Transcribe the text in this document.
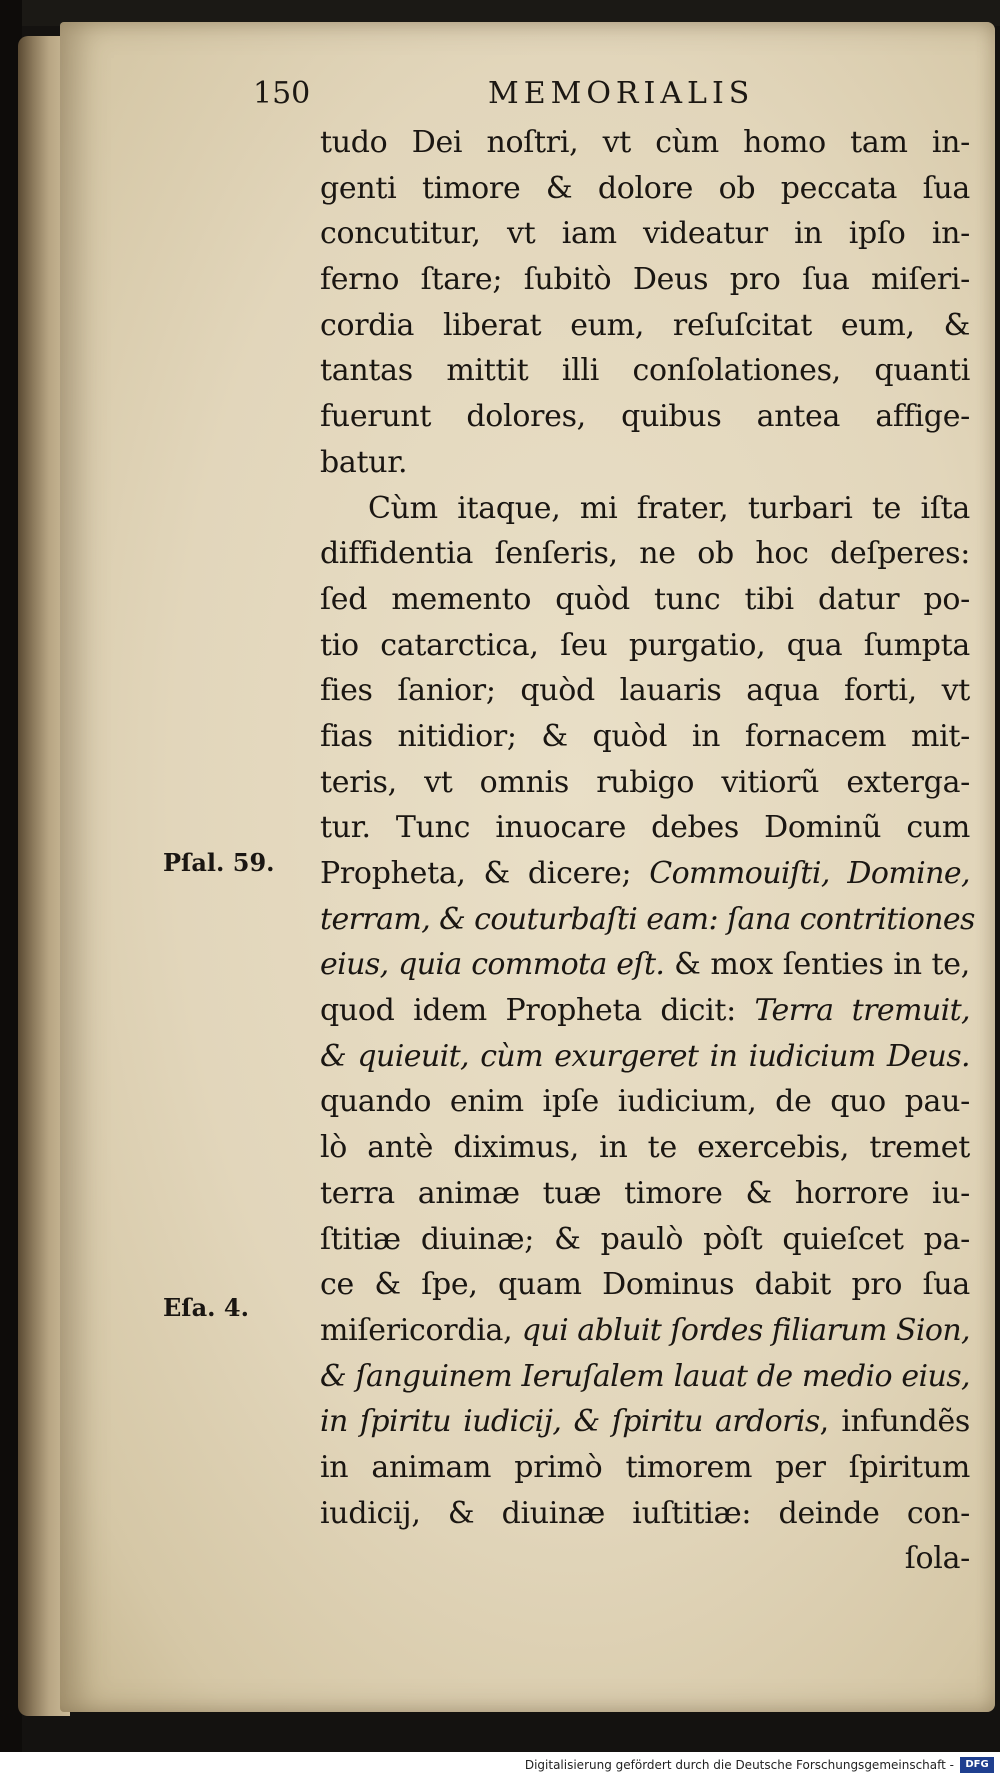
150	MEMORIALIS
tudo Dei noſtri, vt cùm homo tam in-
genti timore & dolore ob peccata ſua
concutitur, vt iam videatur in ipſo in-
ferno ſtare; ſubitò Deus pro ſua miſeri-
cordia liberat eum, reſuſcitat eum, &
tantas mittit illi conſolationes, quanti
fuerunt dolores, quibus antea affige-
batur.
Cùm itaque, mi frater, turbari te iſta
diffidentia ſenſeris, ne ob hoc deſperes:
ſed memento quòd tunc tibi datur po-
tio catarctica, ſeu purgatio, qua ſumpta
fies ſanior; quòd lauaris aqua forti, vt
fias nitidior; & quòd in fornacem mit-
teris, vt omnis rubigo vitiorũ exterga-
tur. Tunc inuocare debes Dominũ cum
Propheta, & dicere; Commouiſti, Domine,
terram, & couturbaſti eam: ſana contritiones
eius, quia commota eſt. & mox ſenties in te,
quod idem Propheta dicit: Terra tremuit,
& quieuit, cùm exurgeret in iudicium Deus.
quando enim ipſe iudicium, de quo pau-
lò antè diximus, in te exercebis, tremet
terra animæ tuæ timore & horrore iu-
ſtitiæ diuinæ; & paulò pòſt quieſcet pa-
ce & ſpe, quam Dominus dabit pro ſua
miſericordia, qui abluit ſordes filiarum Sion,
& ſanguinem Ieruſalem lauat de medio eius,
in ſpiritu iudicij, & ſpiritu ardoris, infundẽs
in animam primò timorem per ſpiritum
iudicij, & diuinæ iuſtitiæ: deinde con-
ſola-
Pſal. 59.
Eſa. 4.
Digitalisierung gefördert durch die Deutsche Forschungsgemeinschaft -	DFG
